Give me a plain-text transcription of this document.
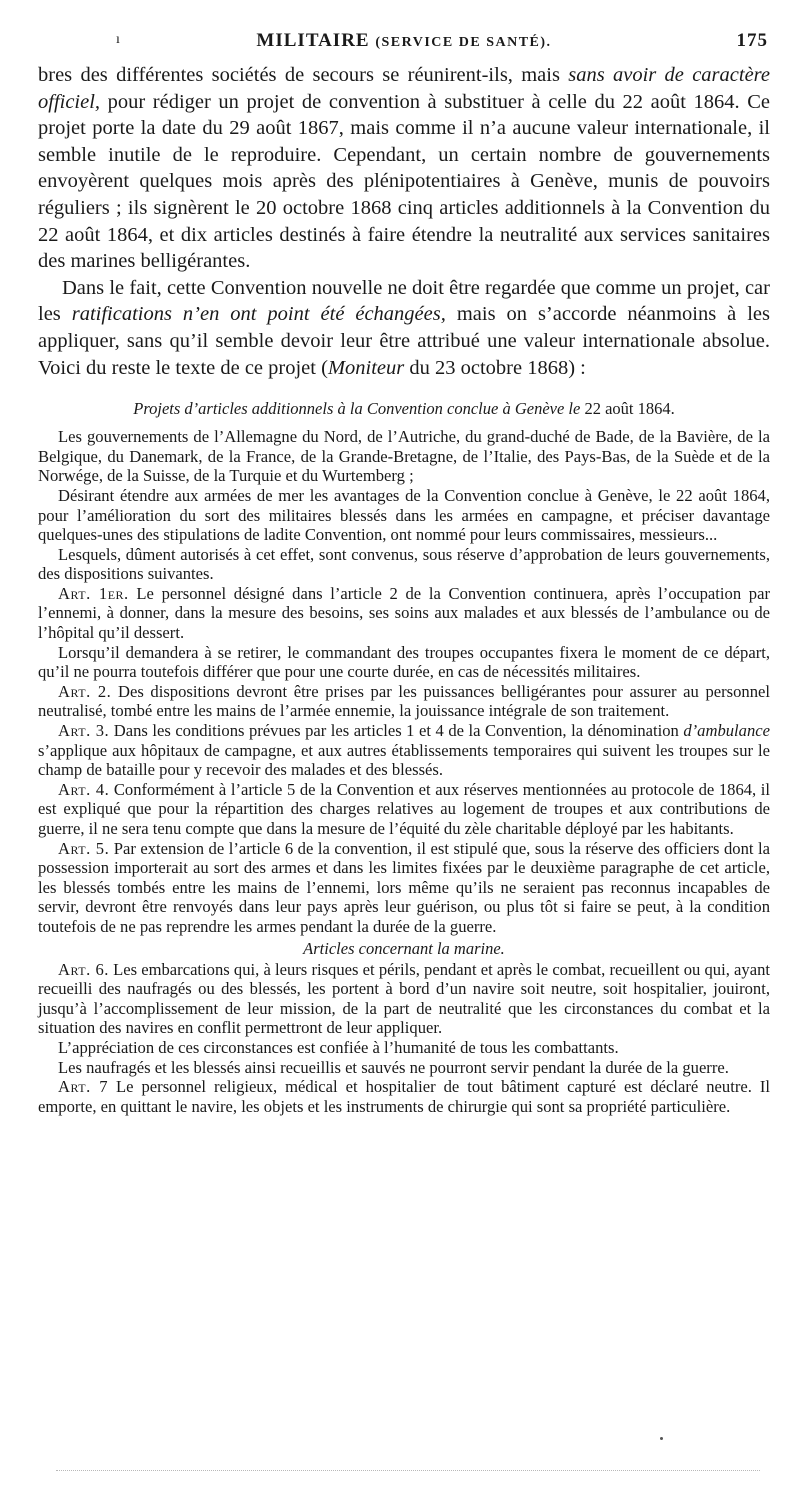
ı	MILITAIRE (SERVICE DE SANTÉ).	175

bres des différentes sociétés de secours se réunirent-ils, mais sans avoir de caractère officiel, pour rédiger un projet de convention à substituer à celle du 22 août 1864. Ce projet porte la date du 29 août 1867, mais comme il n’a aucune valeur internationale, il semble inutile de le reproduire. Cependant, un certain nombre de gouvernements envoyèrent quelques mois après des plénipotentiaires à Genève, munis de pouvoirs réguliers ; ils signèrent le 20 octobre 1868 cinq articles additionnels à la Convention du 22 août 1864, et dix articles destinés à faire étendre la neutralité aux services sanitaires des marines belligérantes.

Dans le fait, cette Convention nouvelle ne doit être regardée que comme un projet, car les ratifications n’en ont point été échangées, mais on s’accorde néanmoins à les appliquer, sans qu’il semble devoir leur être attribué une valeur internationale absolue. Voici du reste le texte de ce projet (Moniteur du 23 octobre 1868) :

Projets d’articles additionnels à la Convention conclue à Genève le 22 août 1864.

Les gouvernements de l’Allemagne du Nord, de l’Autriche, du grand-duché de Bade, de la Bavière, de la Belgique, du Danemark, de la France, de la Grande-Bretagne, de l’Italie, des Pays-Bas, de la Suède et de la Norwége, de la Suisse, de la Turquie et du Wurtemberg ;

Désirant étendre aux armées de mer les avantages de la Convention conclue à Genève, le 22 août 1864, pour l’amélioration du sort des militaires blessés dans les armées en campagne, et préciser davantage quelques-unes des stipulations de ladite Convention, ont nommé pour leurs commissaires, messieurs...

Lesquels, dûment autorisés à cet effet, sont convenus, sous réserve d’approbation de leurs gouvernements, des dispositions suivantes.

Art. 1er. Le personnel désigné dans l’article 2 de la Convention continuera, après l’occupation par l’ennemi, à donner, dans la mesure des besoins, ses soins aux malades et aux blessés de l’ambulance ou de l’hôpital qu’il dessert.

Lorsqu’il demandera à se retirer, le commandant des troupes occupantes fixera le moment de ce départ, qu’il ne pourra toutefois différer que pour une courte durée, en cas de nécessités militaires.

Art. 2. Des dispositions devront être prises par les puissances belligérantes pour assurer au personnel neutralisé, tombé entre les mains de l’armée ennemie, la jouissance intégrale de son traitement.

Art. 3. Dans les conditions prévues par les articles 1 et 4 de la Convention, la dénomination d’ambulance s’applique aux hôpitaux de campagne, et aux autres établissements temporaires qui suivent les troupes sur le champ de bataille pour y recevoir des malades et des blessés.

Art. 4. Conformément à l’article 5 de la Convention et aux réserves mentionnées au protocole de 1864, il est expliqué que pour la répartition des charges relatives au logement de troupes et aux contributions de guerre, il ne sera tenu compte que dans la mesure de l’équité du zèle charitable déployé par les habitants.

Art. 5. Par extension de l’article 6 de la convention, il est stipulé que, sous la réserve des officiers dont la possession importerait au sort des armes et dans les limites fixées par le deuxième paragraphe de cet article, les blessés tombés entre les mains de l’ennemi, lors même qu’ils ne seraient pas reconnus incapables de servir, devront être renvoyés dans leur pays après leur guérison, ou plus tôt si faire se peut, à la condition toutefois de ne pas reprendre les armes pendant la durée de la guerre.

Articles concernant la marine.

Art. 6. Les embarcations qui, à leurs risques et périls, pendant et après le combat, recueillent ou qui, ayant recueilli des naufragés ou des blessés, les portent à bord d’un navire soit neutre, soit hospitalier, jouiront, jusqu’à l’accomplissement de leur mission, de la part de neutralité que les circonstances du combat et la situation des navires en conflit permettront de leur appliquer.

L’appréciation de ces circonstances est confiée à l’humanité de tous les combattants.

Les naufragés et les blessés ainsi recueillis et sauvés ne pourront servir pendant la durée de la guerre.

Art. 7 Le personnel religieux, médical et hospitalier de tout bâtiment capturé est déclaré neutre. Il emporte, en quittant le navire, les objets et les instruments de chirurgie qui sont sa propriété particulière.
